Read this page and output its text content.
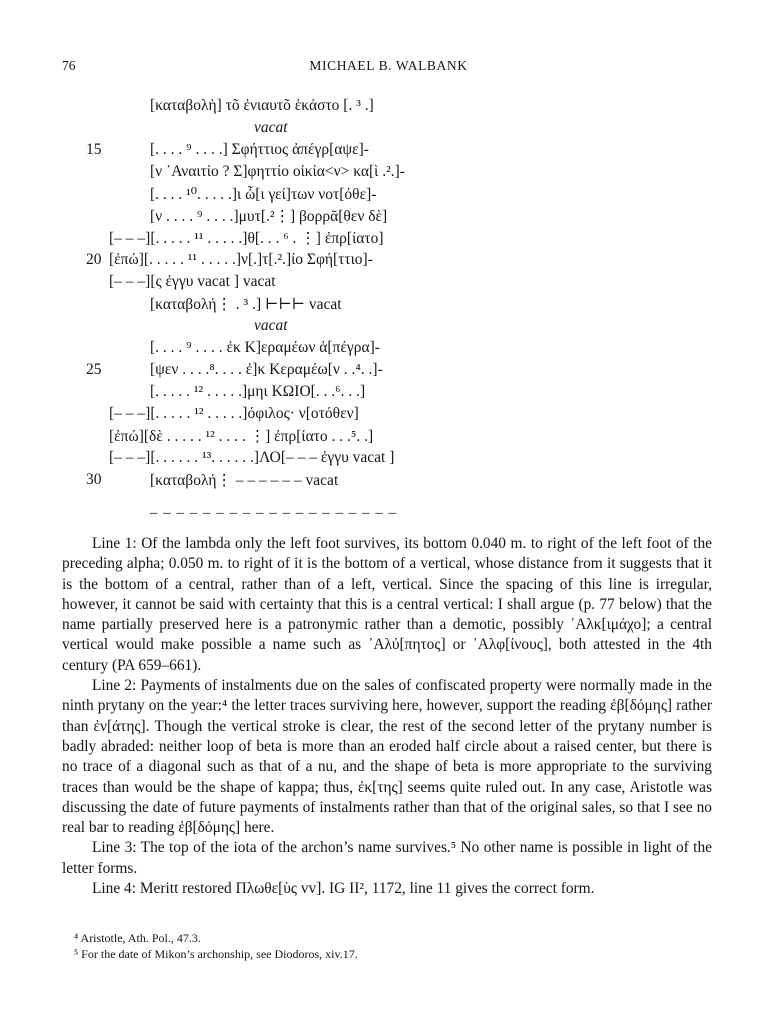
76	MICHAEL B. WALBANK
[καταβολὴ] τõ ἐνιαυτõ ἑκάστο [. ³ .]
vacat
15	[. . . . ⁹ . . . .] Σφήττιος ἀπέγρ[αψε]-
[ν ᾿Αναιτίο ? Σ]φηττίο οἰκία<ν> κα[ὶ .².]-
[. . . . ¹⁰. . . . .]ι ὧ[ι γεί]των νοτ[όθε]-
[ν . . . . ⁹ . . . .]μυτ[.²⋮] βορρᾶ[θεν δὲ]
[– – –][. . . . . ¹¹ . . . . .]θ[. . . ⁶ . ⋮] ἐπρ[ίατο]
20 [ἐπώ][. . . . . ¹¹ . . . . .]ν[.]τ[.².]ίο Σφή[ττιο]-
[– – –][ς ἐγγυ vacat ] vacat
[καταβολή⋮ . ³ .] ⊢⊢⊢ vacat
vacat
[. . . . ⁹ . . . . ἐκ Κ]εραμέων ἀ[πέγρα]-
25	[ψεν . . . .⁸. . . . ἐ]κ Κεραμέω[ν . .⁴. .]-
[. . . . . ¹² . . . . .]μηι ΚΩΙΟ[. . .⁶. . .]
[– – –][. . . . . ¹² . . . . .]όφιλος· ν[οτόθεν]
[ἐπώ][δὲ . . . . . ¹² . . . . ⋮] ἐπρ[ίατο . . .⁵. .]
[– – –][. . . . . . ¹³. . . . . .]ΛΟ[– – – ἐγγυ vacat ]
30	[καταβολή⋮ – – – – – – vacat
– – – – – – – – – – – – – – – – – – –

Line 1: Of the lambda only the left foot survives, its bottom 0.040 m. to right of the left foot of the preceding alpha; 0.050 m. to right of it is the bottom of a vertical, whose distance from it suggests that it is the bottom of a central, rather than of a left, vertical. Since the spacing of this line is irregular, however, it cannot be said with certainty that this is a central vertical: I shall argue (p. 77 below) that the name partially preserved here is a patronymic rather than a demotic, possibly ᾿Αλκ[ιμάχο]; a central vertical would make possible a name such as ᾿Αλὐ[πητος] or ᾿Αλφ[ίνους], both attested in the 4th century (PA 659–661).

Line 2: Payments of instalments due on the sales of confiscated property were normally made in the ninth prytany on the year:⁴ the letter traces surviving here, however, support the reading ἐβ[δόμης] rather than ἐν[άτης]. Though the vertical stroke is clear, the rest of the second letter of the prytany number is badly abraded: neither loop of beta is more than an eroded half circle about a raised center, but there is no trace of a diagonal such as that of a nu, and the shape of beta is more appropriate to the surviving traces than would be the shape of kappa; thus, ἐκ[της] seems quite ruled out. In any case, Aristotle was discussing the date of future payments of instalments rather than that of the original sales, so that I see no real bar to reading ἐβ[δόμης] here.

Line 3: The top of the iota of the archon’s name survives.⁵ No other name is possible in light of the letter forms.

Line 4: Meritt restored Πλωθε[ὺς vv]. IG II², 1172, line 11 gives the correct form.

⁴ Aristotle, Ath. Pol., 47.3.

⁵ For the date of Mikon’s archonship, see Diodoros, xiv.17.
